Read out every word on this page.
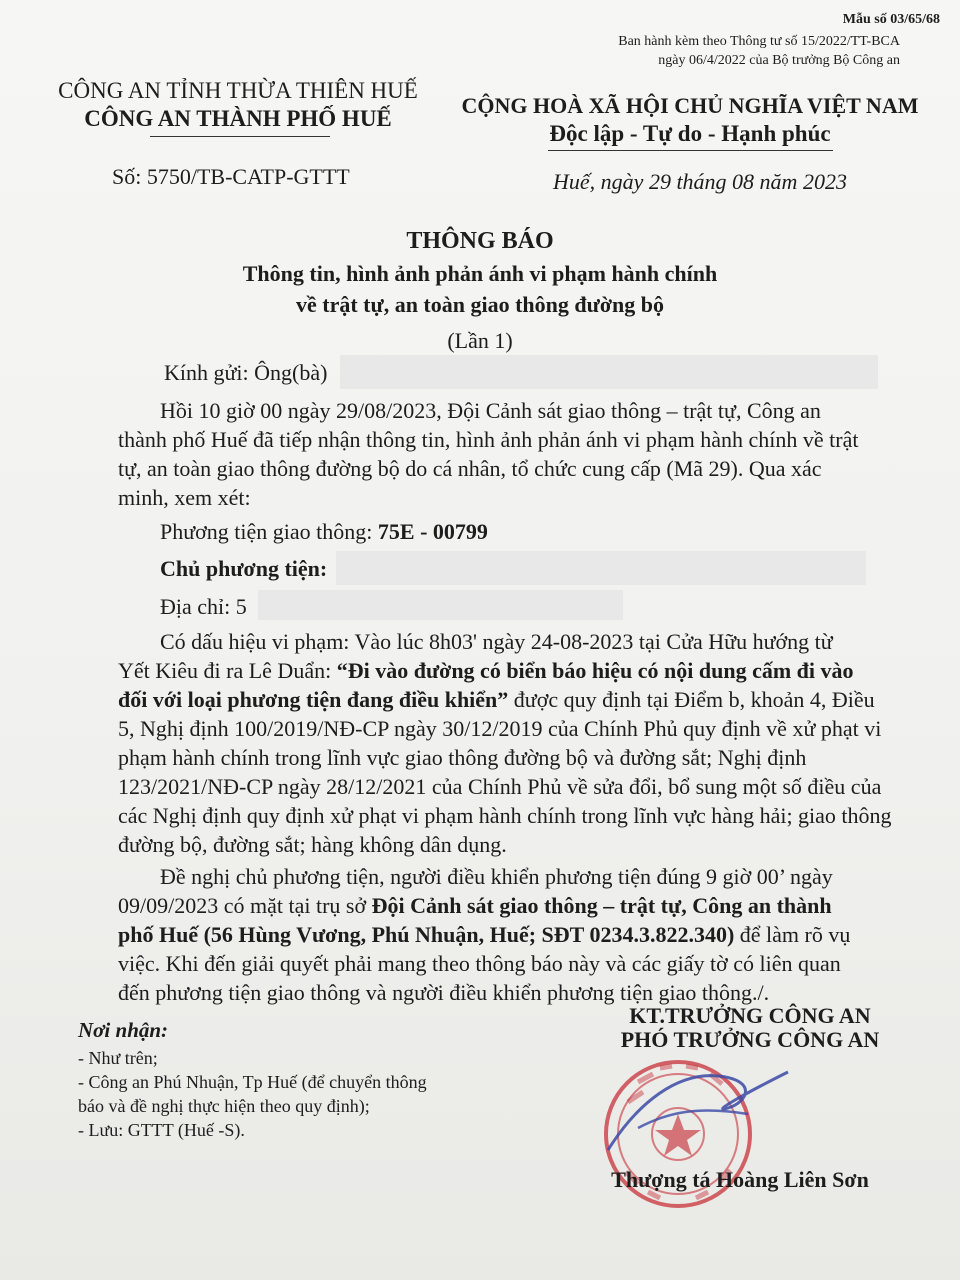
Mẫu số 03/65/68
Ban hành kèm theo Thông tư số 15/2022/TT-BCA
ngày 06/4/2022 của Bộ trưởng Bộ Công an
CÔNG AN TỈNH THỪA THIÊN HUẾ
CÔNG AN THÀNH PHỐ HUẾ
Số: 5750/TB-CATP-GTTT
CỘNG HOÀ XÃ HỘI CHỦ NGHĨA VIỆT NAM
Độc lập - Tự do - Hạnh phúc
Huế, ngày 29 tháng 08 năm 2023
THÔNG BÁO
Thông tin, hình ảnh phản ánh vi phạm hành chính
về trật tự, an toàn giao thông đường bộ
(Lần 1)
Kính gửi: Ông(bà)
Hồi 10 giờ 00 ngày 29/08/2023, Đội Cảnh sát giao thông – trật tự, Công an
thành phố Huế đã tiếp nhận thông tin, hình ảnh phản ánh vi phạm hành chính về trật
tự, an toàn giao thông đường bộ do cá nhân, tổ chức cung cấp (Mã 29). Qua xác
minh, xem xét:
Phương tiện giao thông: 75E - 00799
Chủ phương tiện:
Địa chỉ: 5
Có dấu hiệu vi phạm: Vào lúc 8h03' ngày 24-08-2023 tại Cửa Hữu hướng từ
Yết Kiêu đi ra Lê Duẩn: “Đi vào đường có biển báo hiệu có nội dung cấm đi vào
đối với loại phương tiện đang điều khiển” được quy định tại Điểm b, khoản 4, Điều
5, Nghị định 100/2019/NĐ-CP ngày 30/12/2019 của Chính Phủ quy định về xử phạt vi
phạm hành chính trong lĩnh vực giao thông đường bộ và đường sắt; Nghị định
123/2021/NĐ-CP ngày 28/12/2021 của Chính Phủ về sửa đổi, bổ sung một số điều của
các Nghị định quy định xử phạt vi phạm hành chính trong lĩnh vực hàng hải; giao thông
đường bộ, đường sắt; hàng không dân dụng.
Đề nghị chủ phương tiện, người điều khiển phương tiện đúng 9 giờ 00’ ngày
09/09/2023 có mặt tại trụ sở Đội Cảnh sát giao thông – trật tự, Công an thành
phố Huế (56 Hùng Vương, Phú Nhuận, Huế; SĐT 0234.3.822.340) để làm rõ vụ
việc. Khi đến giải quyết phải mang theo thông báo này và các giấy tờ có liên quan
đến phương tiện giao thông và người điều khiển phương tiện giao thông./.
Nơi nhận:
- Như trên;
- Công an Phú Nhuận, Tp Huế (để chuyển thông
báo và đề nghị thực hiện theo quy định);
- Lưu: GTTT (Huế -S).
KT.TRƯỞNG CÔNG AN
PHÓ TRƯỞNG CÔNG AN
Thượng tá Hoàng Liên Sơn
